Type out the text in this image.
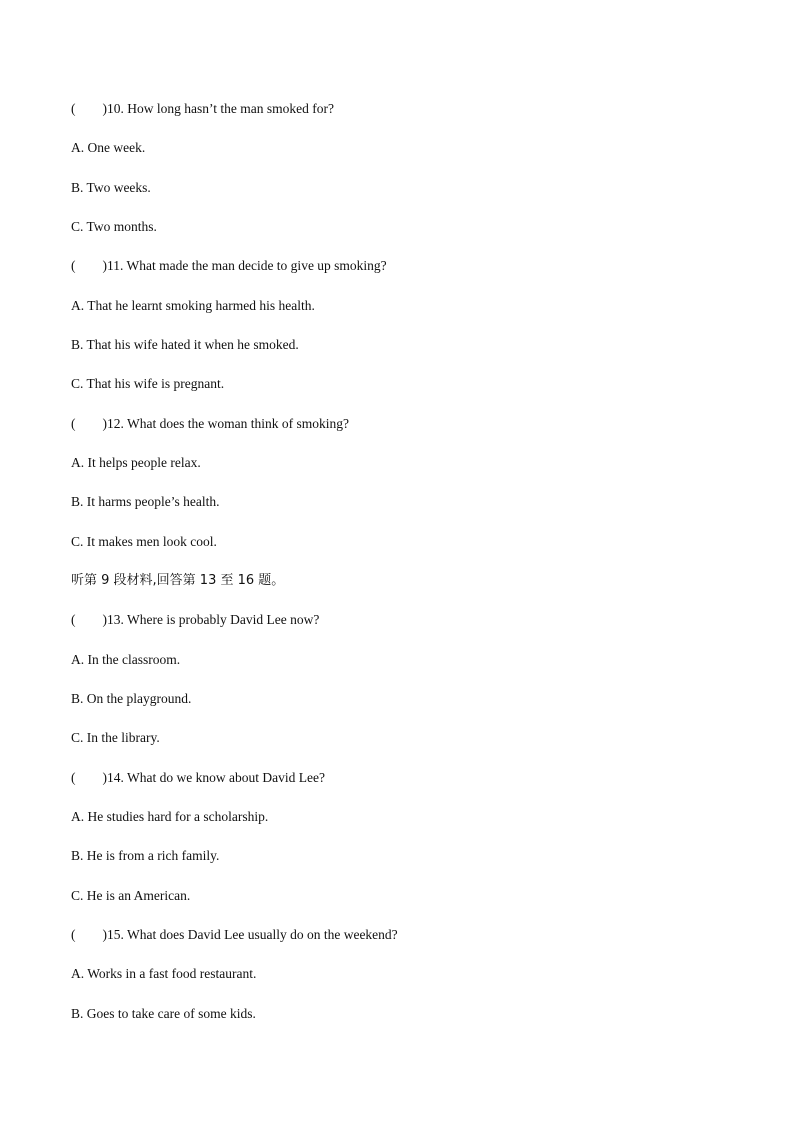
(        )10. How long hasn’t the man smoked for?
A. One week.
B. Two weeks.
C. Two months.
(        )11. What made the man decide to give up smoking?
A. That he learnt smoking harmed his health.
B. That his wife hated it when he smoked.
C. That his wife is pregnant.
(        )12. What does the woman think of smoking?
A. It helps people relax.
B. It harms people’s health.
C. It makes men look cool.
听第 9 段材料,回答第 13 至 16 题。
(        )13. Where is probably David Lee now?
A. In the classroom.
B. On the playground.
C. In the library.
(        )14. What do we know about David Lee?
A. He studies hard for a scholarship.
B. He is from a rich family.
C. He is an American.
(        )15. What does David Lee usually do on the weekend?
A. Works in a fast food restaurant.
B. Goes to take care of some kids.
